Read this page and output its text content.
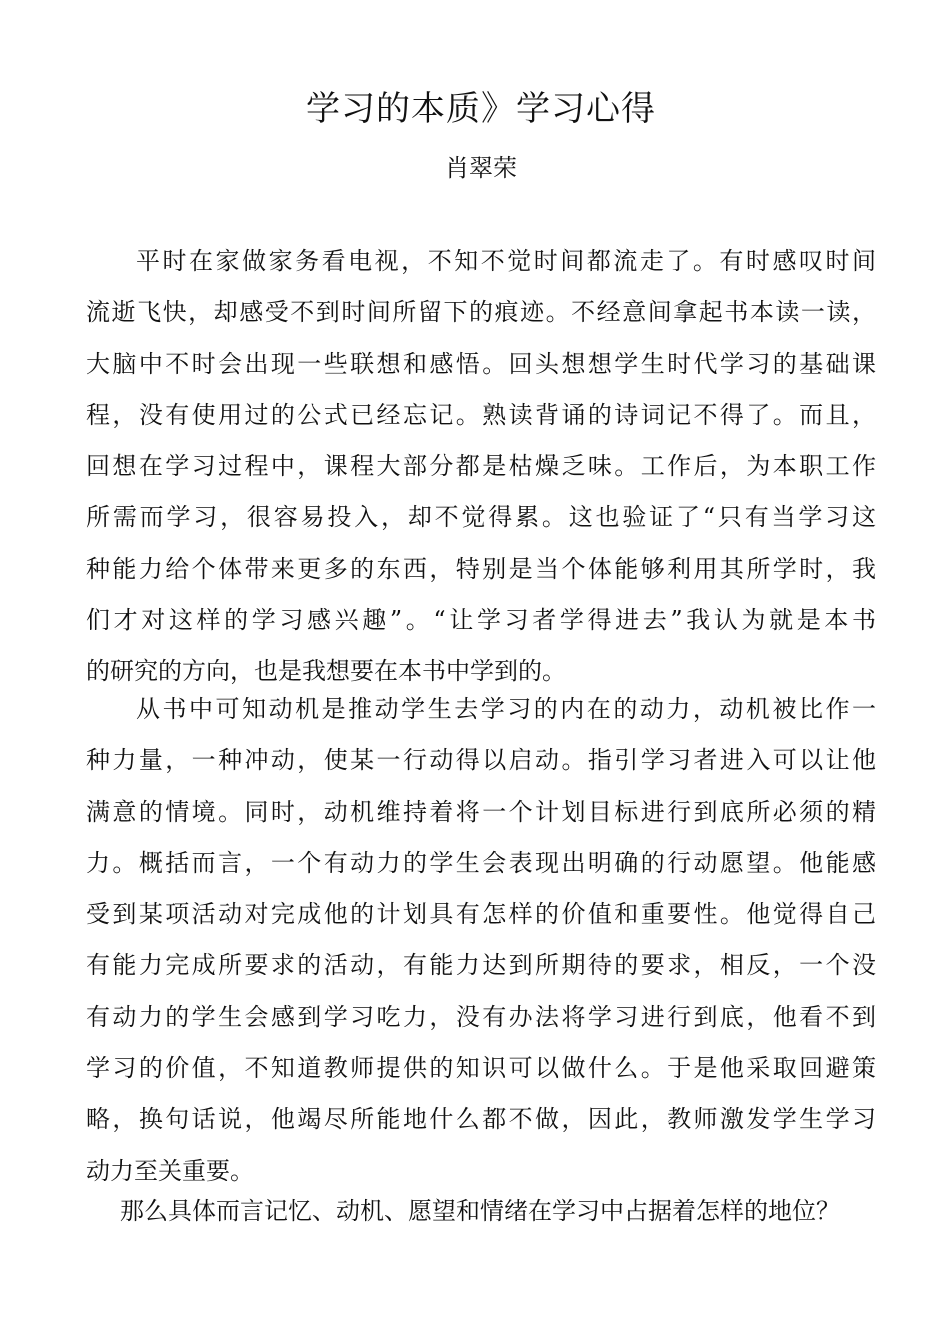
学习的本质》学习心得
肖翠荣
平时在家做家务看电视，不知不觉时间都流走了。有时感叹时间
流逝飞快，却感受不到时间所留下的痕迹。不经意间拿起书本读一读，
大脑中不时会出现一些联想和感悟。回头想想学生时代学习的基础课
程，没有使用过的公式已经忘记。熟读背诵的诗词记不得了。而且，
回想在学习过程中，课程大部分都是枯燥乏味。工作后，为本职工作
所需而学习，很容易投入，却不觉得累。这也验证了“只有当学习这
种能力给个体带来更多的东西，特别是当个体能够利用其所学时，我
们才对这样的学习感兴趣”。“让学习者学得进去”我认为就是本书
的研究的方向，也是我想要在本书中学到的。
从书中可知动机是推动学生去学习的内在的动力，动机被比作一
种力量，一种冲动，使某一行动得以启动。指引学习者进入可以让他
满意的情境。同时，动机维持着将一个计划目标进行到底所必须的精
力。概括而言，一个有动力的学生会表现出明确的行动愿望。他能感
受到某项活动对完成他的计划具有怎样的价值和重要性。他觉得自己
有能力完成所要求的活动，有能力达到所期待的要求，相反，一个没
有动力的学生会感到学习吃力，没有办法将学习进行到底，他看不到
学习的价值，不知道教师提供的知识可以做什么。于是他采取回避策
略，换句话说，他竭尽所能地什么都不做，因此，教师激发学生学习
动力至关重要。
那么具体而言记忆、动机、愿望和情绪在学习中占据着怎样的地位？
